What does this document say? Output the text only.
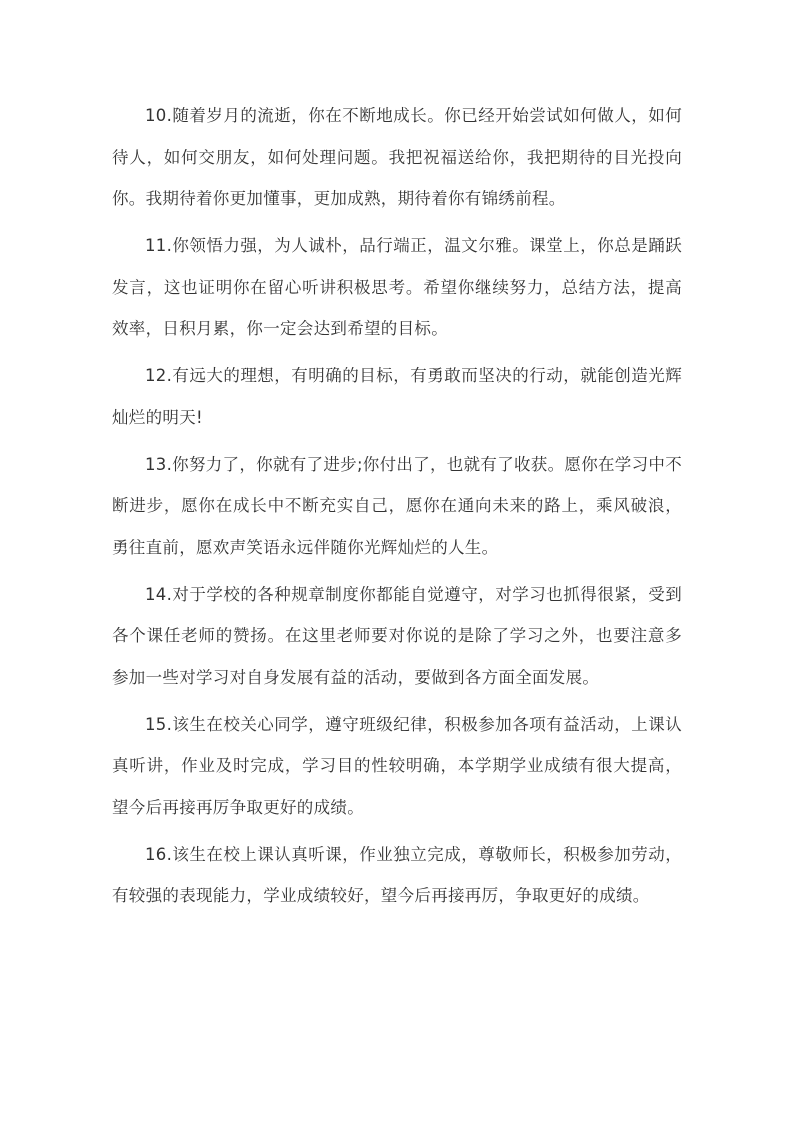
10.随着岁月的流逝，你在不断地成长。你已经开始尝试如何做人，如何待人，如何交朋友，如何处理问题。我把祝福送给你，我把期待的目光投向你。我期待着你更加懂事，更加成熟，期待着你有锦绣前程。

11.你领悟力强，为人诚朴，品行端正，温文尔雅。课堂上，你总是踊跃发言，这也证明你在留心听讲积极思考。希望你继续努力，总结方法，提高效率，日积月累，你一定会达到希望的目标。

12.有远大的理想，有明确的目标，有勇敢而坚决的行动，就能创造光辉灿烂的明天!

13.你努力了，你就有了进步;你付出了，也就有了收获。愿你在学习中不断进步，愿你在成长中不断充实自己，愿你在通向未来的路上，乘风破浪，勇往直前，愿欢声笑语永远伴随你光辉灿烂的人生。

14.对于学校的各种规章制度你都能自觉遵守，对学习也抓得很紧，受到各个课任老师的赞扬。在这里老师要对你说的是除了学习之外，也要注意多参加一些对学习对自身发展有益的活动，要做到各方面全面发展。

15.该生在校关心同学，遵守班级纪律，积极参加各项有益活动，上课认真听讲，作业及时完成，学习目的性较明确，本学期学业成绩有很大提高，望今后再接再厉争取更好的成绩。

16.该生在校上课认真听课，作业独立完成，尊敬师长，积极参加劳动，有较强的表现能力，学业成绩较好，望今后再接再厉，争取更好的成绩。
